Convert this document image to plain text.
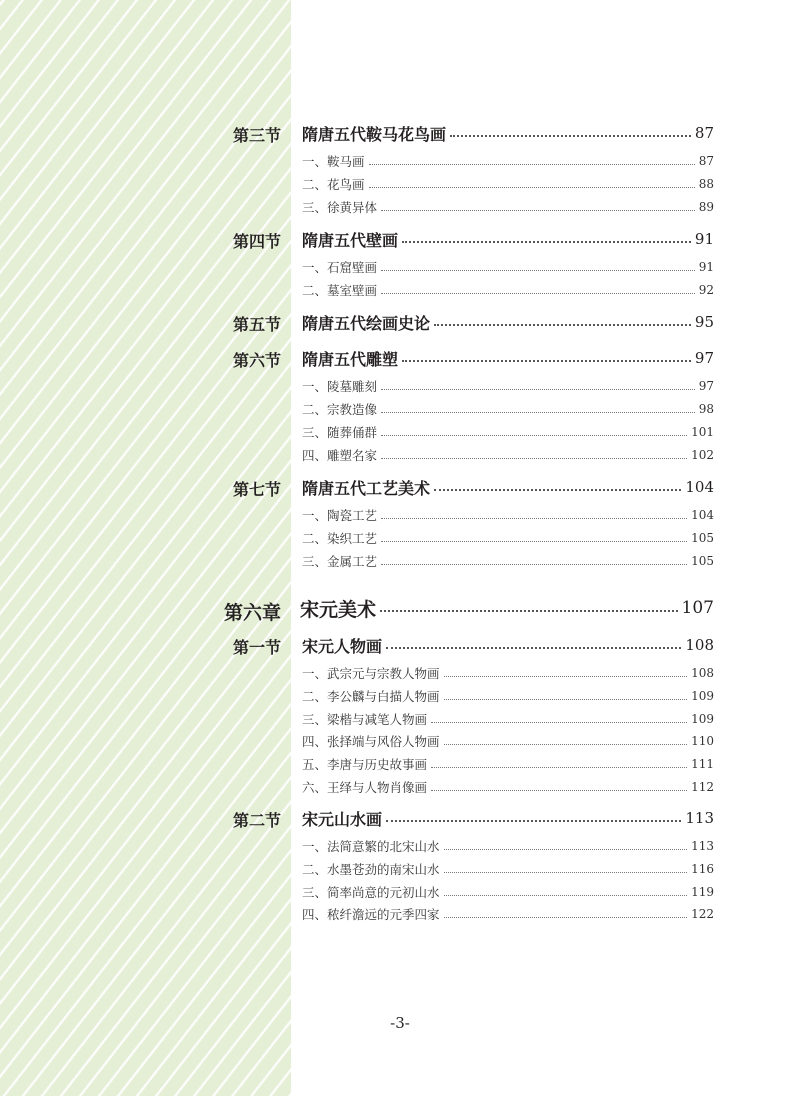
第三节 隋唐五代鞍马花鸟画	87
一、鞍马画	87
二、花鸟画	88
三、徐黄异体	89
第四节 隋唐五代壁画	91
一、石窟壁画	91
二、墓室壁画	92
第五节 隋唐五代绘画史论	95
第六节 隋唐五代雕塑	97
一、陵墓雕刻	97
二、宗教造像	98
三、随葬俑群	101
四、雕塑名家	102
第七节 隋唐五代工艺美术	104
一、陶瓷工艺	104
二、染织工艺	105
三、金属工艺	105
第六章 宋元美术	107
第一节 宋元人物画	108
一、武宗元与宗教人物画	108
二、李公麟与白描人物画	109
三、梁楷与减笔人物画	109
四、张择端与风俗人物画	110
五、李唐与历史故事画	111
六、王绎与人物肖像画	112
第二节 宋元山水画	113
一、法简意繁的北宋山水	113
二、水墨苍劲的南宋山水	116
三、简率尚意的元初山水	119
四、秾纤澹远的元季四家	122
-3-
